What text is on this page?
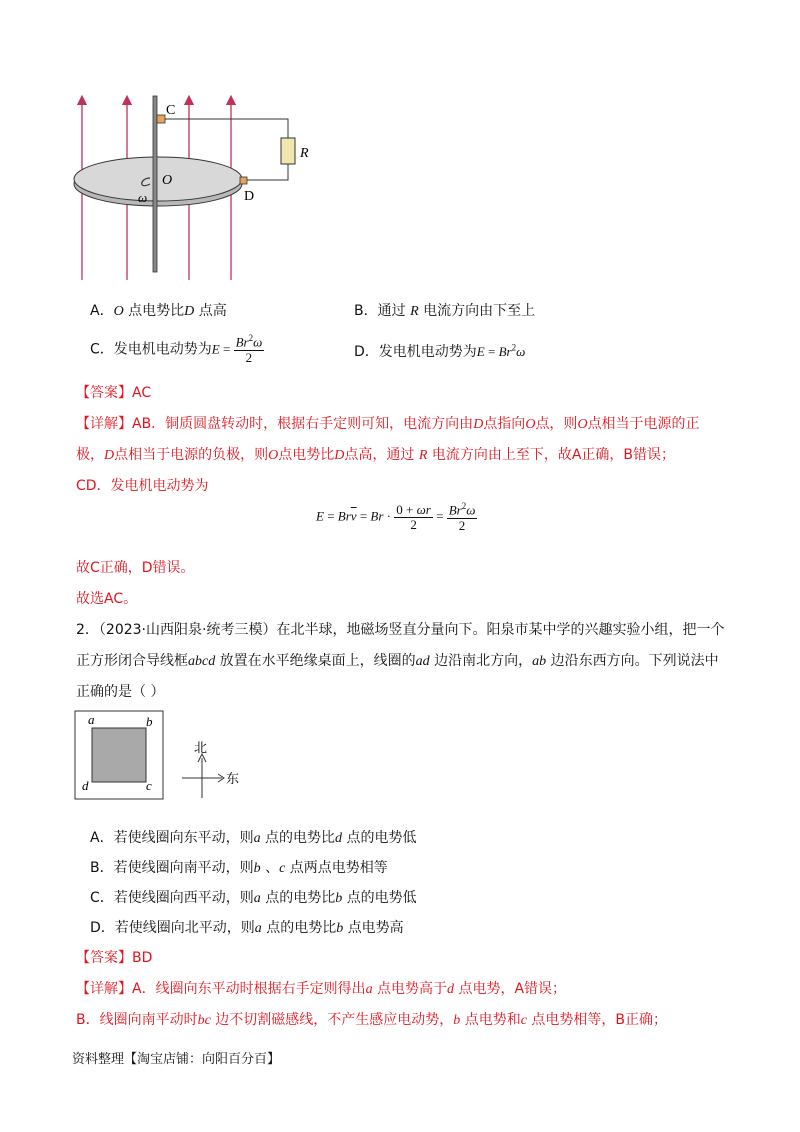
C
R
O
ω	D
A．O 点电势比D 点高	B．通过 R 电流方向由下至上
C．发电机电动势为$E = \frac{Br^2\omega}{2}$	D．发电机电动势为$E = Br^2\omega$
【答案】AC
【详解】AB．铜质圆盘转动时，根据右手定则可知，电流方向由D点指向O点，则O点相当于电源的正
极，D点相当于电源的负极，则O点电势比D点高，通过 R 电流方向由上至下，故A正确，B错误；
CD．发电机电动势为
$E = Br\overline{v} = Br \cdot \frac{0 + \omega r}{2} = \frac{Br^2\omega}{2}$
故C正确，D错误。
故选AC。
2．（2023·山西阳泉·统考三模）在北半球，地磁场竖直分量向下。阳泉市某中学的兴趣实验小组，把一个
正方形闭合导线框abcd 放置在水平绝缘桌面上，线圈的ad 边沿南北方向，ab 边沿东西方向。下列说法中
正确的是（ ）
a	b
c
d
北
东
A．若使线圈向东平动，则a 点的电势比d 点的电势低
B．若使线圈向南平动，则b 、c 点两点电势相等
C．若使线圈向西平动，则a 点的电势比b 点的电势低
D．若使线圈向北平动，则a 点的电势比b 点电势高
【答案】BD
【详解】A．线圈向东平动时根据右手定则得出a 点电势高于d 点电势，A错误；
B．线圈向南平动时bc 边不切割磁感线，不产生感应电动势，b 点电势和c 点电势相等，B正确；
资料整理【淘宝店铺：向阳百分百】
